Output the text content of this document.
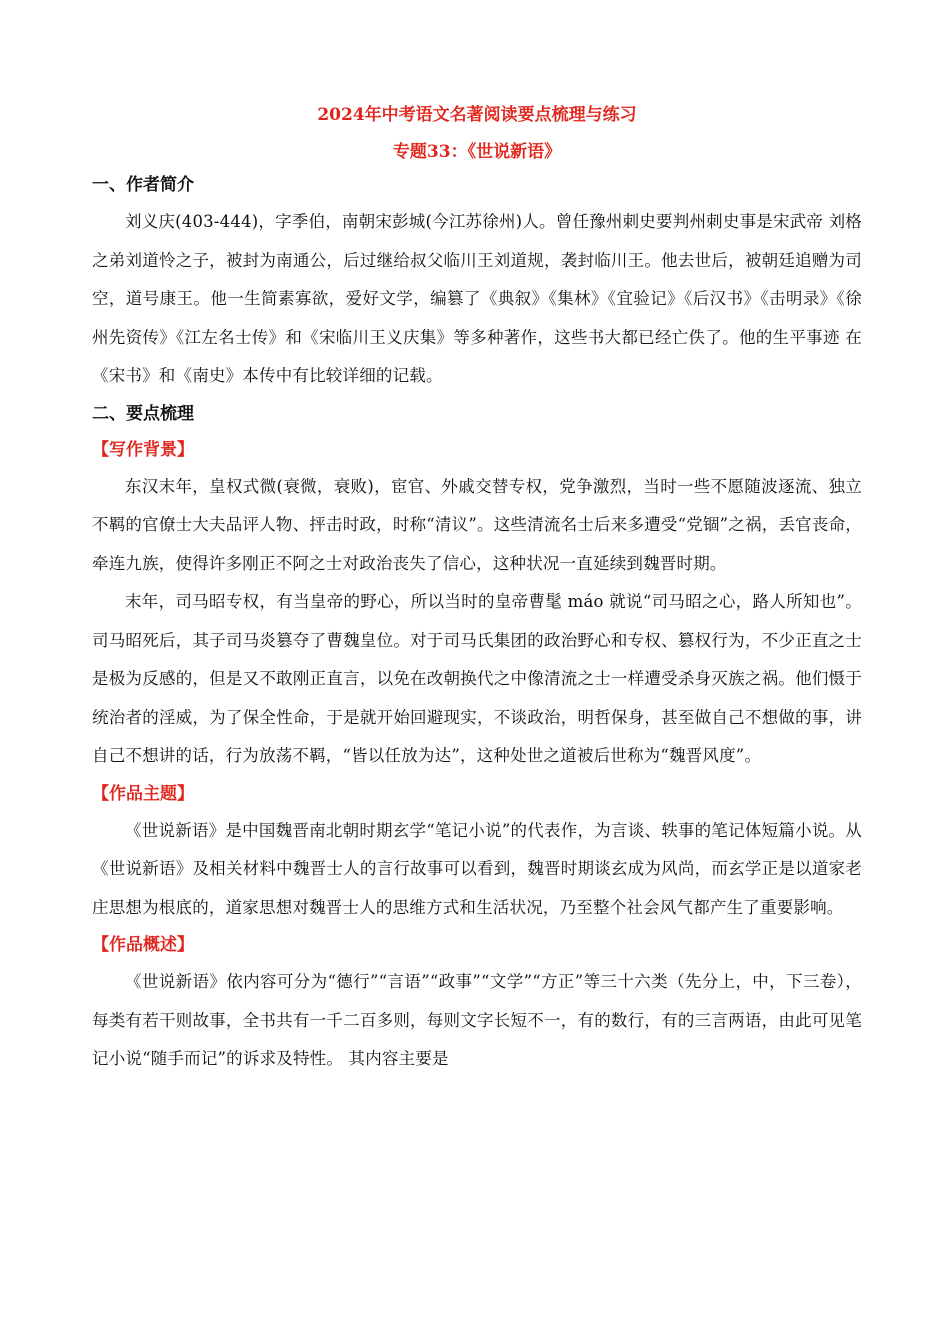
2024年中考语文名著阅读要点梳理与练习

专题33：《世说新语》

一、作者简介

刘义庆(403-444)，字季伯，南朝宋彭城(今江苏徐州)人。曾任豫州刺史要判州刺史事是宋武帝 刘格之弟刘道怜之子，被封为南通公，后过继给叔父临川王刘道规，袭封临川王。他去世后，被朝廷追赠为司空，道号康王。他一生简素寡欲，爱好文学，编篡了《典叙》《集林》《宜验记》《后汉书》《击明录》《徐州先资传》《江左名士传》和《宋临川王义庆集》等多种著作，这些书大都已经亡佚了。他的生平事迹 在《宋书》和《南史》本传中有比较详细的记载。

二、要点梳理

【写作背景】

东汉末年，皇权式微(衰微，衰败)，宦官、外戚交替专权，党争激烈，当时一些不愿随波逐流、独立不羁的官僚士大夫品评人物、抨击时政，时称“清议”。这些清流名士后来多遭受“党锢”之祸，丢官丧命，牵连九族，使得许多刚正不阿之士对政治丧失了信心，这种状况一直延续到魏晋时期。

末年，司马昭专权，有当皇帝的野心，所以当时的皇帝曹髦 máo 就说“司马昭之心，路人所知也”。司马昭死后，其子司马炎篡夺了曹魏皇位。对于司马氏集团的政治野心和专权、篡权行为，不少正直之士是极为反感的，但是又不敢刚正直言，以免在改朝换代之中像清流之士一样遭受杀身灭族之祸。他们慑于统治者的淫威，为了保全性命，于是就开始回避现实，不谈政治，明哲保身，甚至做自己不想做的事，讲自己不想讲的话，行为放荡不羁，“皆以任放为达”，这种处世之道被后世称为“魏晋风度”。

【作品主题】

《世说新语》是中国魏晋南北朝时期玄学“笔记小说”的代表作，为言谈、轶事的笔记体短篇小说。从《世说新语》及相关材料中魏晋士人的言行故事可以看到，魏晋时期谈玄成为风尚，而玄学正是以道家老庄思想为根底的，道家思想对魏晋士人的思维方式和生活状况，乃至整个社会风气都产生了重要影响。

【作品概述】

《世说新语》依内容可分为“德行”“言语”“政事”“文学”“方正”等三十六类（先分上，中，下三卷），每类有若干则故事，全书共有一千二百多则，每则文字长短不一，有的数行，有的三言两语，由此可见笔记小说“随手而记”的诉求及特性。 其内容主要是
